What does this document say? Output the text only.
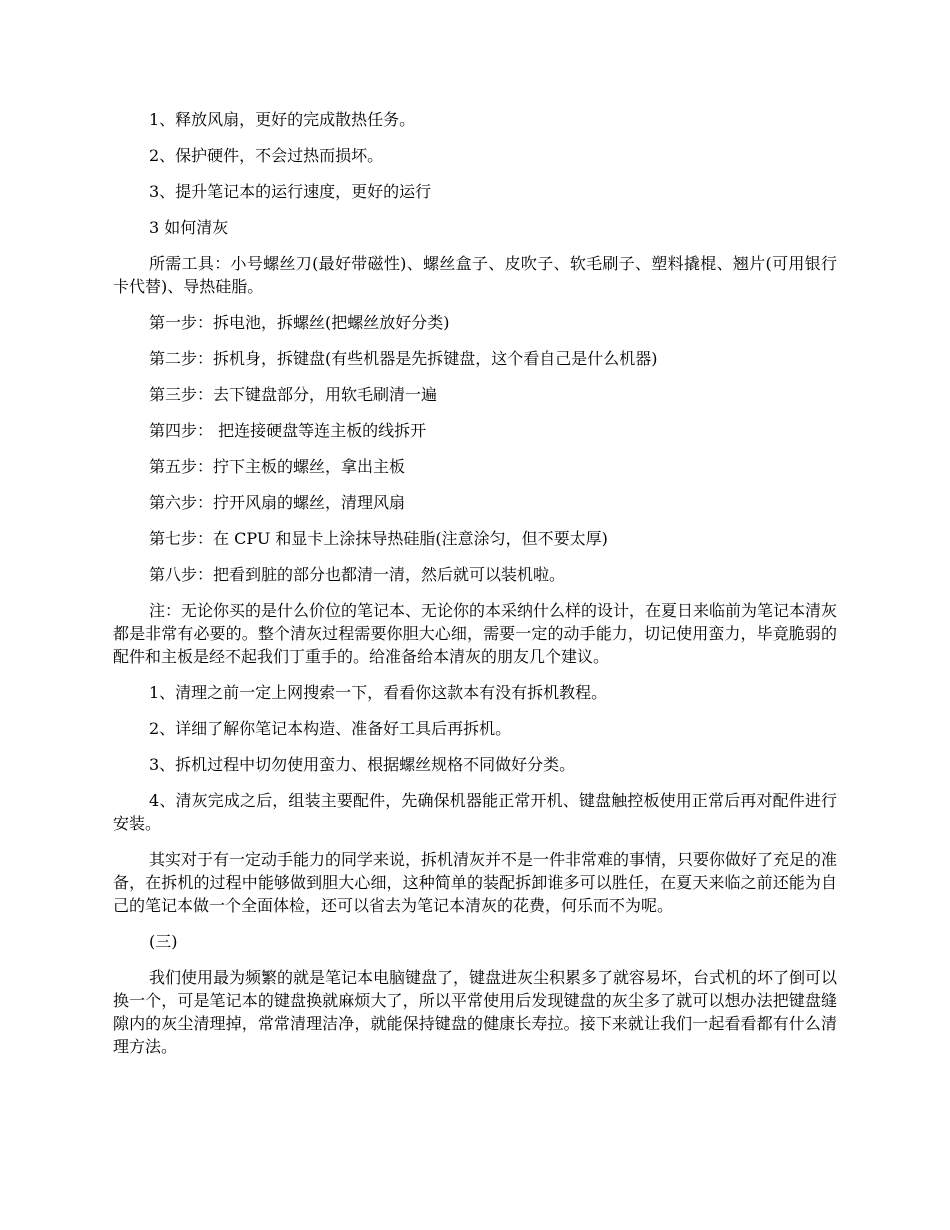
1、释放风扇，更好的完成散热任务。

2、保护硬件，不会过热而损坏。

3、提升笔记本的运行速度，更好的运行

3 如何清灰

所需工具：小号螺丝刀(最好带磁性)、螺丝盒子、皮吹子、软毛刷子、塑料撬棍、翘片(可用银行卡代替)、导热硅脂。

第一步：拆电池，拆螺丝(把螺丝放好分类)

第二步：拆机身，拆键盘(有些机器是先拆键盘，这个看自己是什么机器)

第三步：去下键盘部分，用软毛刷清一遍

第四步： 把连接硬盘等连主板的线拆开

第五步：拧下主板的螺丝，拿出主板

第六步：拧开风扇的螺丝，清理风扇

第七步：在 CPU 和显卡上涂抹导热硅脂(注意涂匀，但不要太厚)

第八步：把看到脏的部分也都清一清，然后就可以装机啦。

注：无论你买的是什么价位的笔记本、无论你的本采纳什么样的设计，在夏日来临前为笔记本清灰都是非常有必要的。整个清灰过程需要你胆大心细，需要一定的动手能力，切记使用蛮力，毕竟脆弱的配件和主板是经不起我们丁重手的。给准备给本清灰的朋友几个建议。

1、清理之前一定上网搜索一下，看看你这款本有没有拆机教程。

2、详细了解你笔记本构造、准备好工具后再拆机。

3、拆机过程中切勿使用蛮力、根据螺丝规格不同做好分类。

4、清灰完成之后，组装主要配件，先确保机器能正常开机、键盘触控板使用正常后再对配件进行安装。

其实对于有一定动手能力的同学来说，拆机清灰并不是一件非常难的事情，只要你做好了充足的准备，在拆机的过程中能够做到胆大心细，这种简单的装配拆卸谁多可以胜任，在夏天来临之前还能为自己的笔记本做一个全面体检，还可以省去为笔记本清灰的花费，何乐而不为呢。

(三)

我们使用最为频繁的就是笔记本电脑键盘了，键盘进灰尘积累多了就容易坏，台式机的坏了倒可以换一个，可是笔记本的键盘换就麻烦大了，所以平常使用后发现键盘的灰尘多了就可以想办法把键盘缝隙内的灰尘清理掉，常常清理洁净，就能保持键盘的健康长寿拉。接下来就让我们一起看看都有什么清理方法。
